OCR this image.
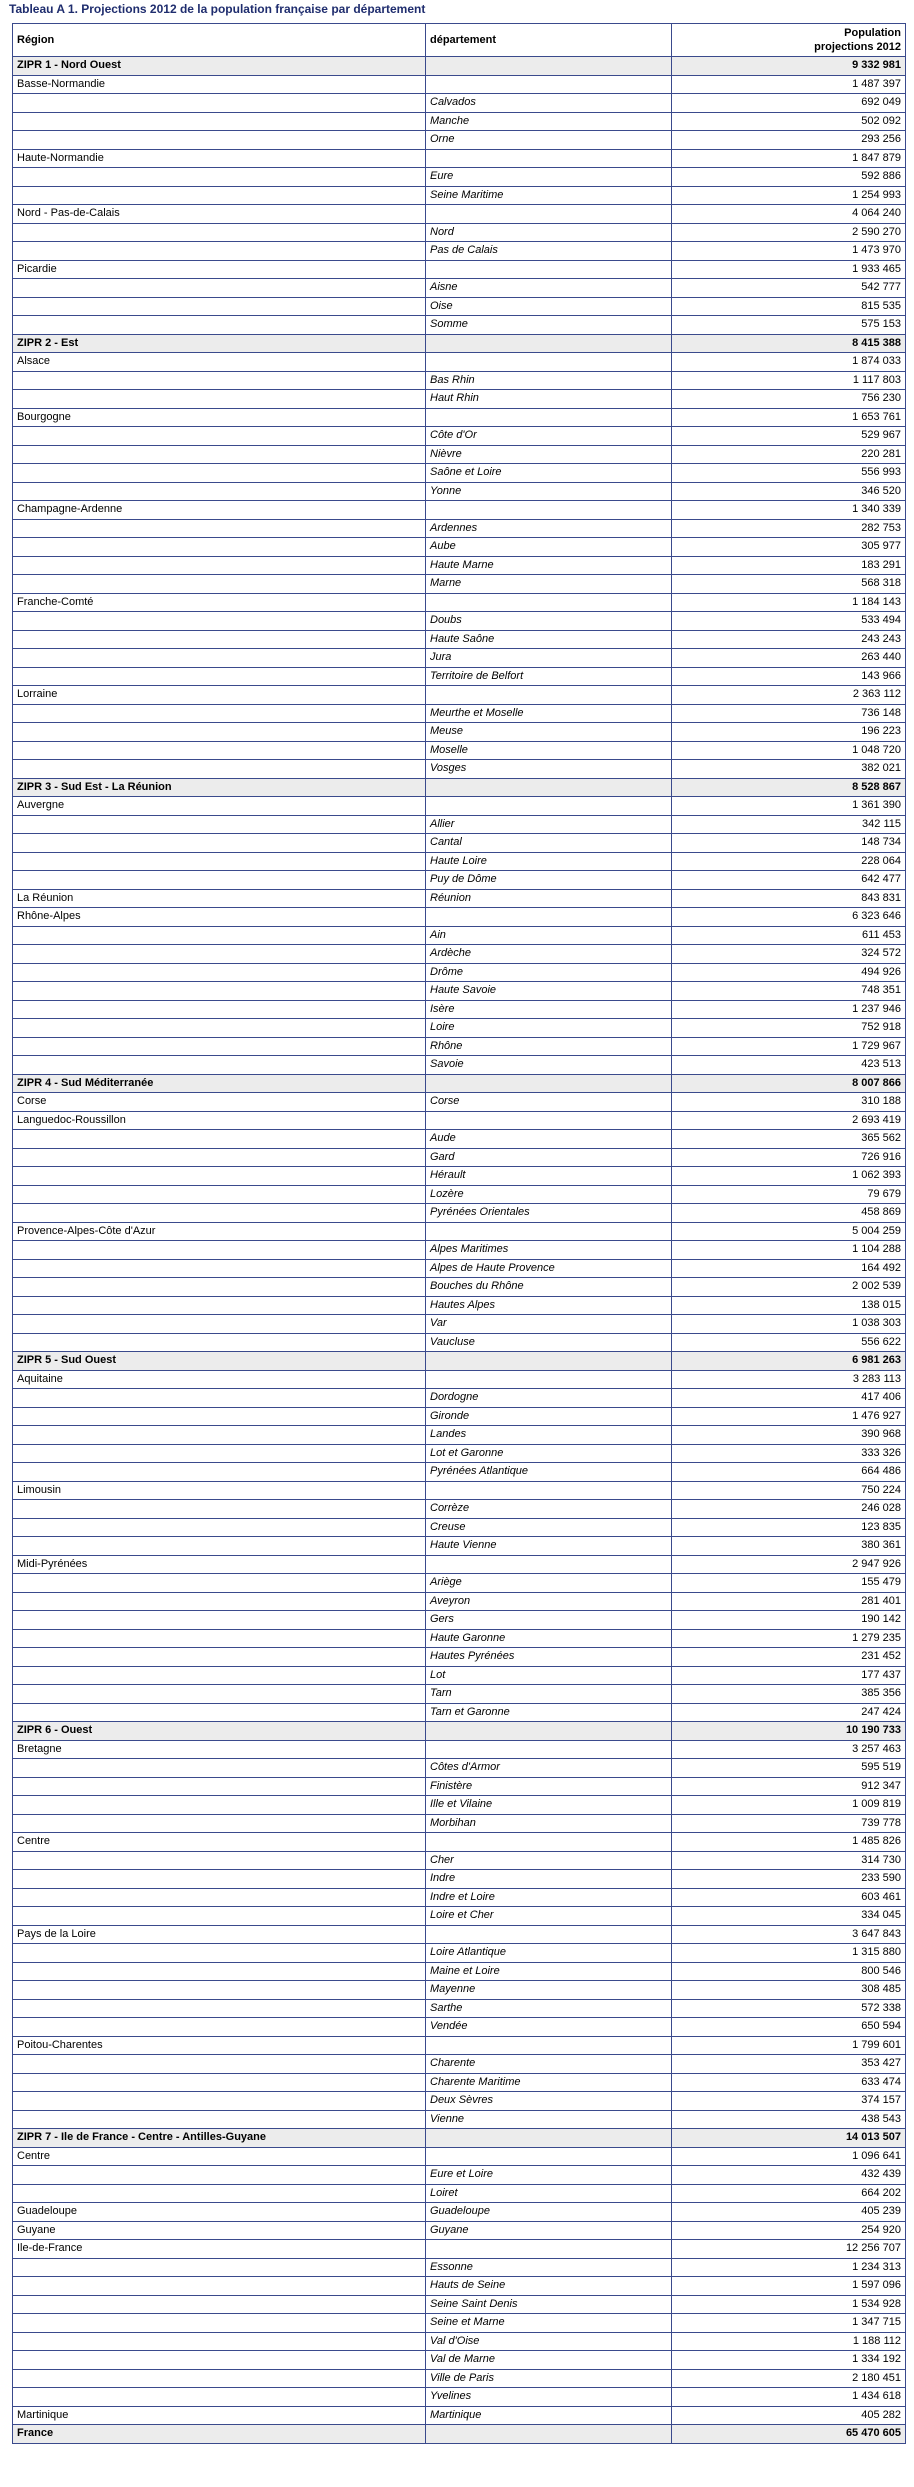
Tableau A 1. Projections 2012 de la population française par département
Région	département	Population
projections 2012

ZIPR 1 - Nord Ouest		9 332 981
Basse-Normandie		1 487 397
	Calvados	692 049
	Manche	502 092
	Orne	293 256
Haute-Normandie		1 847 879
	Eure	592 886
	Seine Maritime	1 254 993
Nord - Pas-de-Calais		4 064 240
	Nord	2 590 270
	Pas de Calais	1 473 970
Picardie		1 933 465
	Aisne	542 777
	Oise	815 535
	Somme	575 153
ZIPR 2 - Est		8 415 388
Alsace		1 874 033
	Bas Rhin	1 117 803
	Haut Rhin	756 230
Bourgogne		1 653 761
	Côte d'Or	529 967
	Nièvre	220 281
	Saône et Loire	556 993
	Yonne	346 520
Champagne-Ardenne		1 340 339
	Ardennes	282 753
	Aube	305 977
	Haute Marne	183 291
	Marne	568 318
Franche-Comté		1 184 143
	Doubs	533 494
	Haute Saône	243 243
	Jura	263 440
	Territoire de Belfort	143 966
Lorraine		2 363 112
	Meurthe et Moselle	736 148
	Meuse	196 223
	Moselle	1 048 720
	Vosges	382 021
ZIPR 3 - Sud Est - La Réunion		8 528 867
Auvergne		1 361 390
	Allier	342 115
	Cantal	148 734
	Haute Loire	228 064
	Puy de Dôme	642 477
La Réunion	Réunion	843 831
Rhône-Alpes		6 323 646
	Ain	611 453
	Ardèche	324 572
	Drôme	494 926
	Haute Savoie	748 351
	Isère	1 237 946
	Loire	752 918
	Rhône	1 729 967
	Savoie	423 513
ZIPR 4 - Sud Méditerranée		8 007 866
Corse	Corse	310 188
Languedoc-Roussillon		2 693 419
	Aude	365 562
	Gard	726 916
	Hérault	1 062 393
	Lozère	79 679
	Pyrénées Orientales	458 869
Provence-Alpes-Côte d'Azur		5 004 259
	Alpes Maritimes	1 104 288
	Alpes de Haute Provence	164 492
	Bouches du Rhône	2 002 539
	Hautes Alpes	138 015
	Var	1 038 303
	Vaucluse	556 622
ZIPR 5 - Sud Ouest		6 981 263
Aquitaine		3 283 113
	Dordogne	417 406
	Gironde	1 476 927
	Landes	390 968
	Lot et Garonne	333 326
	Pyrénées Atlantique	664 486
Limousin		750 224
	Corrèze	246 028
	Creuse	123 835
	Haute Vienne	380 361
Midi-Pyrénées		2 947 926
	Ariège	155 479
	Aveyron	281 401
	Gers	190 142
	Haute Garonne	1 279 235
	Hautes Pyrénées	231 452
	Lot	177 437
	Tarn	385 356
	Tarn et Garonne	247 424
ZIPR 6 - Ouest		10 190 733
Bretagne		3 257 463
	Côtes d'Armor	595 519
	Finistère	912 347
	Ille et Vilaine	1 009 819
	Morbihan	739 778
Centre		1 485 826
	Cher	314 730
	Indre	233 590
	Indre et Loire	603 461
	Loire et Cher	334 045
Pays de la Loire		3 647 843
	Loire Atlantique	1 315 880
	Maine et Loire	800 546
	Mayenne	308 485
	Sarthe	572 338
	Vendée	650 594
Poitou-Charentes		1 799 601
	Charente	353 427
	Charente Maritime	633 474
	Deux Sèvres	374 157
	Vienne	438 543
ZIPR 7 - Ile de France - Centre - Antilles-Guyane		14 013 507
Centre		1 096 641
	Eure et Loire	432 439
	Loiret	664 202
Guadeloupe	Guadeloupe	405 239
Guyane	Guyane	254 920
Ile-de-France		12 256 707
	Essonne	1 234 313
	Hauts de Seine	1 597 096
	Seine Saint Denis	1 534 928
	Seine et Marne	1 347 715
	Val d'Oise	1 188 112
	Val de Marne	1 334 192
	Ville de Paris	2 180 451
	Yvelines	1 434 618
Martinique	Martinique	405 282
France		65 470 605
